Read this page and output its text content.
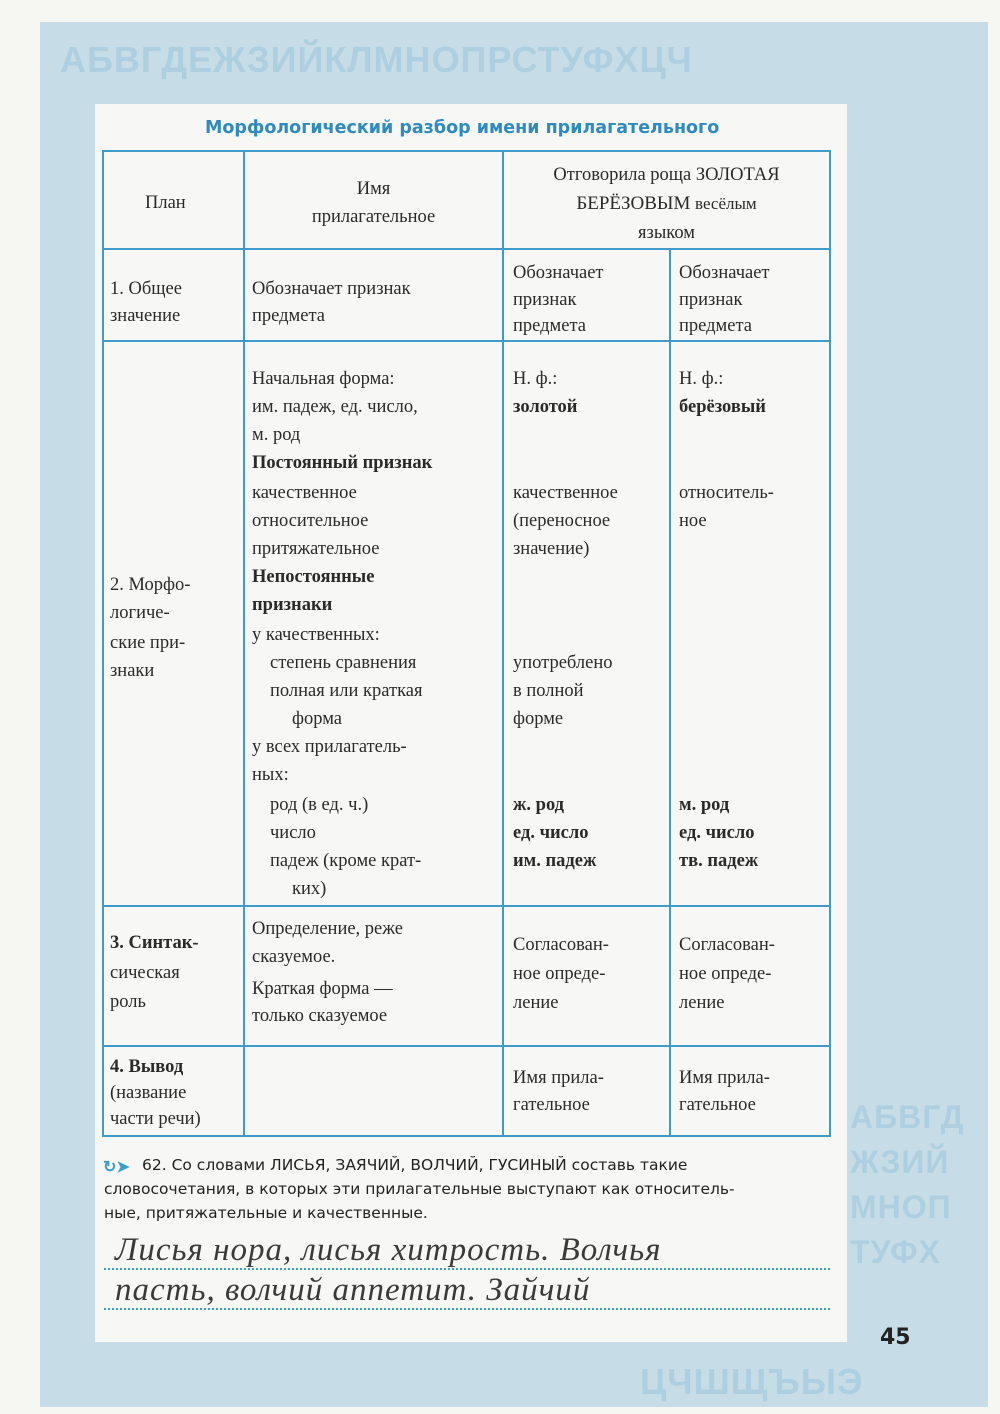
АБВГДЕЖЗИЙКЛМНОПРСТУФХЦЧ
АБВГД
ЖЗИЙ
МНОП
ТУФХ
ЦЧШЩЪЫЭ
Морфологический разбор имени прилагательного
План
Имя
прилагательное
Отговорила роща ЗОЛОТАЯ
БЕРЁЗОВЫМ весёлым
языком
1. Общее
значение
Обозначает признак
предмета
Обозначает
признак
предмета
Обозначает
признак
предмета
2. Морфо-
логиче-
ские при-
знаки
Начальная форма:
им. падеж, ед. число,
м. род
Постоянный признак
качественное
относительное
притяжательное
Непостоянные
признаки
у качественных:
степень сравнения
полная или краткая
форма
у всех прилагатель-
ных:
род (в ед. ч.)
число
падеж (кроме крат-
ких)
Н. ф.:
золотой
качественное
(переносное
значение)
употреблено
в полной
форме
ж. род
ед. число
им. падеж
Н. ф.:
берёзовый
относитель-
ное
м. род
ед. число
тв. падеж
3. Синтак-
сическая
роль
Определение, реже
сказуемое.
Краткая форма —
только сказуемое
Согласован-
ное опреде-
ление
Согласован-
ное опреде-
ление
4. Вывод
(название
части речи)
Имя прила-
гательное
Имя прила-
гательное
↻➤ 62. Со словами ЛИСЬЯ, ЗАЯЧИЙ, ВОЛЧИЙ, ГУСИНЫЙ составь такие
словосочетания, в которых эти прилагательные выступают как относитель-
ные, притяжательные и качественные.
Лисья нора, лисья хитрость. Волчья
пасть, волчий аппетит. Зайчий
45
